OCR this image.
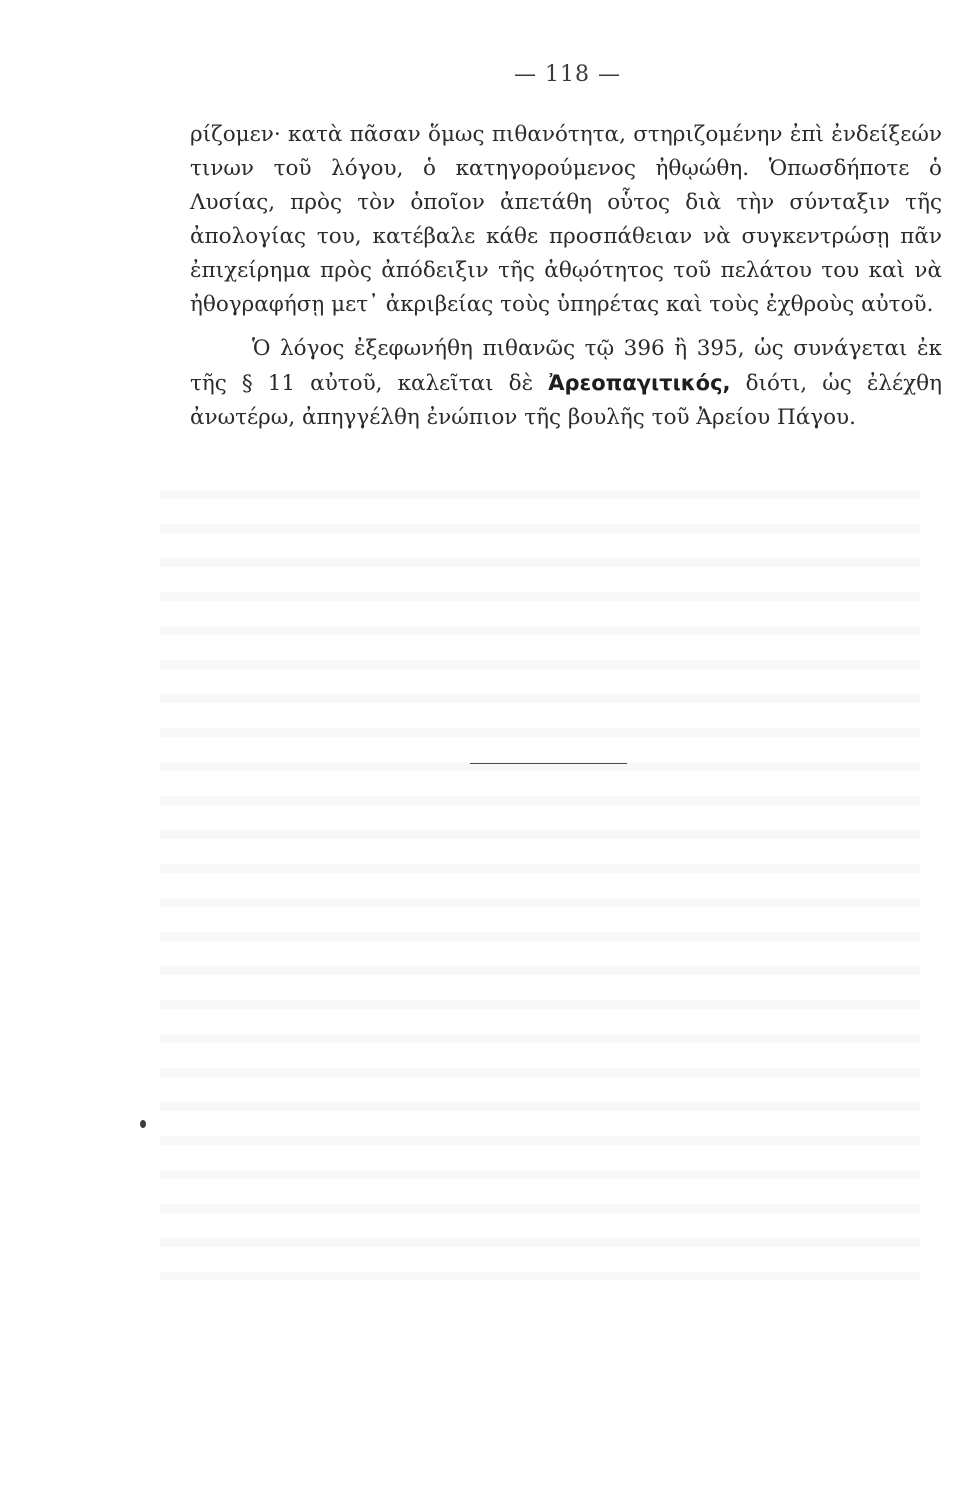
— 118 —

ρίζομεν· κατὰ πᾶσαν ὅμως πιθανότητα, στηριζομένην ἐπὶ ἐνδείξεών τινων τοῦ λόγου, ὁ κατηγορούμενος ἠθῳώθη. Ὁπωσδήποτε ὁ Λυσίας, πρὸς τὸν ὁποῖον ἀπετάθη οὗτος διὰ τὴν σύνταξιν τῆς ἀπολογίας του, κατέβαλε κάθε προσπάθειαν νὰ συγκεντρώσῃ πᾶν ἐπιχείρημα πρὸς ἀπόδειξιν τῆς ἀθῳότητος τοῦ πελάτου του καὶ νὰ ἠθογραφήσῃ μετ᾽ ἀκριβείας τοὺς ὑπηρέτας καὶ τοὺς ἐχθροὺς αὐτοῦ.

Ὁ λόγος ἐξεφωνήθη πιθανῶς τῷ 396 ἢ 395, ὡς συνάγεται ἐκ τῆς § 11 αὐτοῦ, καλεῖται δὲ Ἀρεοπαγιτικός, διότι, ὡς ἐλέχθη ἀνωτέρω, ἀπηγγέλθη ἐνώπιον τῆς βουλῆς τοῦ Ἀρείου Πάγου.
